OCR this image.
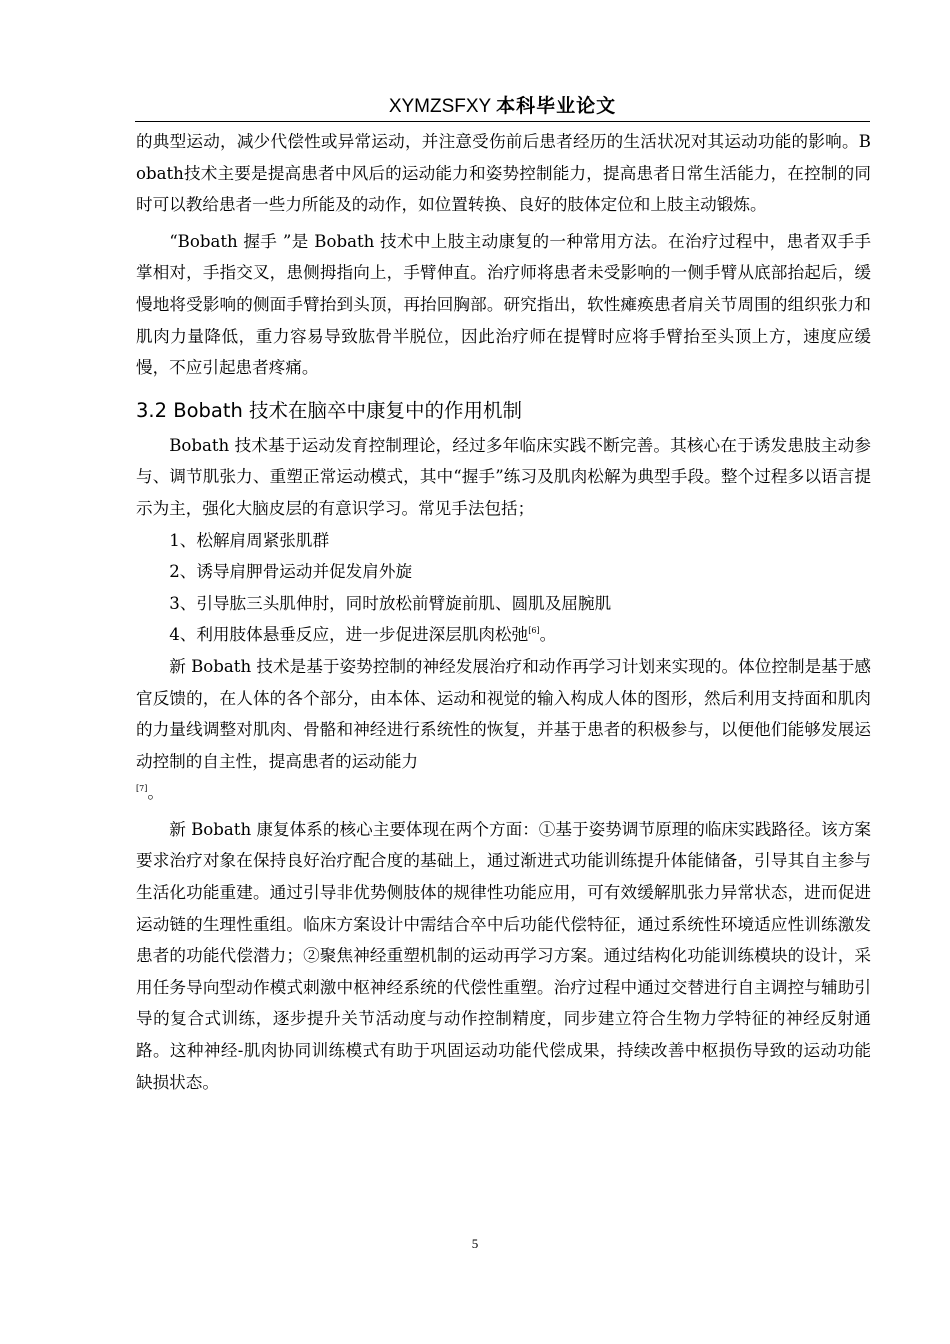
XYMZSFXY 本科毕业论文

的典型运动，减少代偿性或异常运动，并注意受伤前后患者经历的生活状况对其运动功能的影响。Bobath技术主要是提高患者中风后的运动能力和姿势控制能力，提高患者日常生活能力，在控制的同时可以教给患者一些力所能及的动作，如位置转换、良好的肢体定位和上肢主动锻炼。

“Bobath 握手 ”是 Bobath 技术中上肢主动康复的一种常用方法。在治疗过程中，患者双手手掌相对，手指交叉，患侧拇指向上，手臂伸直。治疗师将患者未受影响的一侧手臂从底部抬起后，缓慢地将受影响的侧面手臂抬到头顶，再抬回胸部。研究指出，软性瘫痪患者肩关节周围的组织张力和肌肉力量降低，重力容易导致肱骨半脱位，因此治疗师在提臂时应将手臂抬至头顶上方，速度应缓慢，不应引起患者疼痛。

3.2 Bobath 技术在脑卒中康复中的作用机制

Bobath 技术基于运动发育控制理论，经过多年临床实践不断完善。其核心在于诱发患肢主动参与、调节肌张力、重塑正常运动模式，其中“握手”练习及肌肉松解为典型手段。整个过程多以语言提示为主，强化大脑皮层的有意识学习。常见手法包括；

1、松解肩周紧张肌群

2、诱导肩胛骨运动并促发肩外旋

3、引导肱三头肌伸肘，同时放松前臂旋前肌、圆肌及屈腕肌

4、利用肢体悬垂反应，进一步促进深层肌肉松弛[6]。

新 Bobath 技术是基于姿势控制的神经发展治疗和动作再学习计划来实现的。体位控制是基于感官反馈的，在人体的各个部分，由本体、运动和视觉的输入构成人体的图形，然后利用支持面和肌肉的力量线调整对肌肉、骨骼和神经进行系统性的恢复，并基于患者的积极参与，以便他们能够发展运动控制的自主性，提高患者的运动能力
[7]。

新 Bobath 康复体系的核心主要体现在两个方面：①基于姿势调节原理的临床实践路径。该方案要求治疗对象在保持良好治疗配合度的基础上，通过渐进式功能训练提升体能储备，引导其自主参与生活化功能重建。通过引导非优势侧肢体的规律性功能应用，可有效缓解肌张力异常状态，进而促进运动链的生理性重组。临床方案设计中需结合卒中后功能代偿特征，通过系统性环境适应性训练激发患者的功能代偿潜力；②聚焦神经重塑机制的运动再学习方案。通过结构化功能训练模块的设计，采用任务导向型动作模式刺激中枢神经系统的代偿性重塑。治疗过程中通过交替进行自主调控与辅助引导的复合式训练，逐步提升关节活动度与动作控制精度，同步建立符合生物力学特征的神经反射通路。这种神经-肌肉协同训练模式有助于巩固运动功能代偿成果，持续改善中枢损伤导致的运动功能缺损状态。

5
